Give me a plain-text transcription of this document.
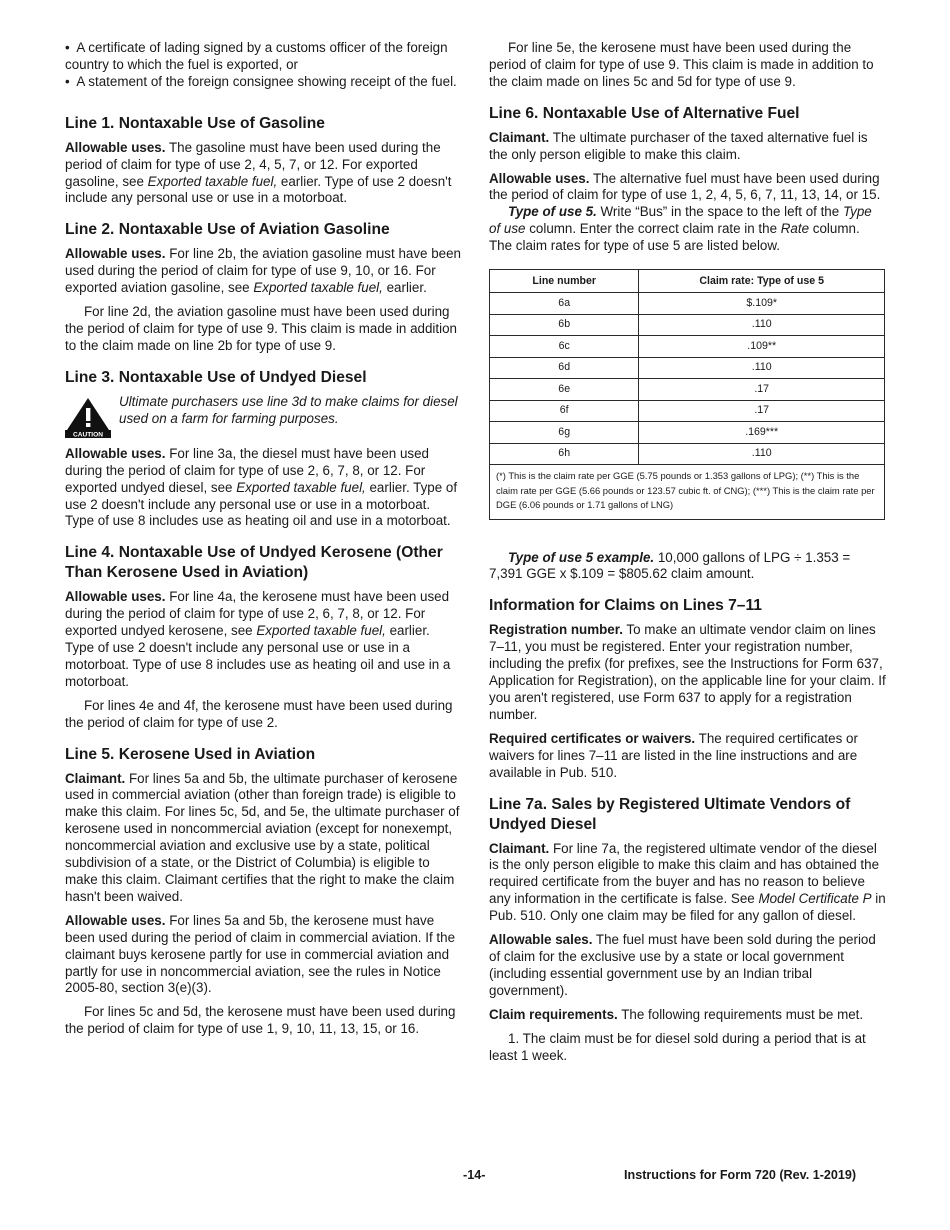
•  A certificate of lading signed by a customs officer of the foreign country to which the fuel is exported, or

•  A statement of the foreign consignee showing receipt of the fuel.

Line 1. Nontaxable Use of Gasoline

Allowable uses. The gasoline must have been used during the period of claim for type of use 2, 4, 5, 7, or 12. For exported gasoline, see Exported taxable fuel, earlier. Type of use 2 doesn't include any personal use or use in a motorboat.

Line 2. Nontaxable Use of Aviation Gasoline

Allowable uses. For line 2b, the aviation gasoline must have been used during the period of claim for type of use 9, 10, or 16. For exported aviation gasoline, see Exported taxable fuel, earlier.

For line 2d, the aviation gasoline must have been used during the period of claim for type of use 9. This claim is made in addition to the claim made on line 2b for type of use 9.

Line 3. Nontaxable Use of Undyed Diesel
CAUTION
Ultimate purchasers use line 3d to make claims for diesel used on a farm for farming purposes.

Allowable uses. For line 3a, the diesel must have been used during the period of claim for type of use 2, 6, 7, 8, or 12. For exported undyed diesel, see Exported taxable fuel, earlier. Type of use 2 doesn't include any personal use or use in a motorboat. Type of use 8 includes use as heating oil and use in a motorboat.

Line 4. Nontaxable Use of Undyed Kerosene (Other Than Kerosene Used in Aviation)

Allowable uses. For line 4a, the kerosene must have been used during the period of claim for type of use 2, 6, 7, 8, or 12. For exported undyed kerosene, see Exported taxable fuel, earlier. Type of use 2 doesn't include any personal use or use in a motorboat. Type of use 8 includes use as heating oil and use in a motorboat.

For lines 4e and 4f, the kerosene must have been used during the period of claim for type of use 2.

Line 5. Kerosene Used in Aviation

Claimant. For lines 5a and 5b, the ultimate purchaser of kerosene used in commercial aviation (other than foreign trade) is eligible to make this claim. For lines 5c, 5d, and 5e, the ultimate purchaser of kerosene used in noncommercial aviation (except for nonexempt, noncommercial aviation and exclusive use by a state, political subdivision of a state, or the District of Columbia) is eligible to make this claim. Claimant certifies that the right to make the claim hasn't been waived.

Allowable uses. For lines 5a and 5b, the kerosene must have been used during the period of claim in commercial aviation. If the claimant buys kerosene partly for use in commercial aviation and partly for use in noncommercial aviation, see the rules in Notice 2005-80, section 3(e)(3).

For lines 5c and 5d, the kerosene must have been used during the period of claim for type of use 1, 9, 10, 11, 13, 15, or 16.

For line 5e, the kerosene must have been used during the period of claim for type of use 9. This claim is made in addition to the claim made on lines 5c and 5d for type of use 9.

Line 6. Nontaxable Use of Alternative Fuel

Claimant. The ultimate purchaser of the taxed alternative fuel is the only person eligible to make this claim.

Allowable uses. The alternative fuel must have been used during the period of claim for type of use 1, 2, 4, 5, 6, 7, 11, 13, 14, or 15.

Type of use 5. Write “Bus” in the space to the left of the Type of use column. Enter the correct claim rate in the Rate column. The claim rates for type of use 5 are listed below.

Line number	Claim rate: Type of use 5
6a	$.109*
6b	.110
6c	.109**
6d	.110
6e	.17
6f	.17
6g	.169***
6h	.110
(*) This is the claim rate per GGE (5.75 pounds or 1.353 gallons of LPG); (**) This is the claim rate per GGE (5.66 pounds or 123.57 cubic ft. of CNG); (***) This is the claim rate per DGE (6.06 pounds or 1.71 gallons of LNG)	

Type of use 5 example. 10,000 gallons of LPG ÷ 1.353 = 7,391 GGE x $.109 = $805.62 claim amount.

Information for Claims on Lines 7–11

Registration number. To make an ultimate vendor claim on lines 7–11, you must be registered. Enter your registration number, including the prefix (for prefixes, see the Instructions for Form 637, Application for Registration), on the applicable line for your claim. If you aren't registered, use Form 637 to apply for a registration number.

Required certificates or waivers. The required certificates or waivers for lines 7–11 are listed in the line instructions and are available in Pub. 510.

Line 7a. Sales by Registered Ultimate Vendors of Undyed Diesel

Claimant. For line 7a, the registered ultimate vendor of the diesel is the only person eligible to make this claim and has obtained the required certificate from the buyer and has no reason to believe any information in the certificate is false. See Model Certificate P in Pub. 510. Only one claim may be filed for any gallon of diesel.

Allowable sales. The fuel must have been sold during the period of claim for the exclusive use by a state or local government (including essential government use by an Indian tribal government).

Claim requirements. The following requirements must be met.

1. The claim must be for diesel sold during a period that is at least 1 week.

-14-	Instructions for Form 720 (Rev. 1-2019)
